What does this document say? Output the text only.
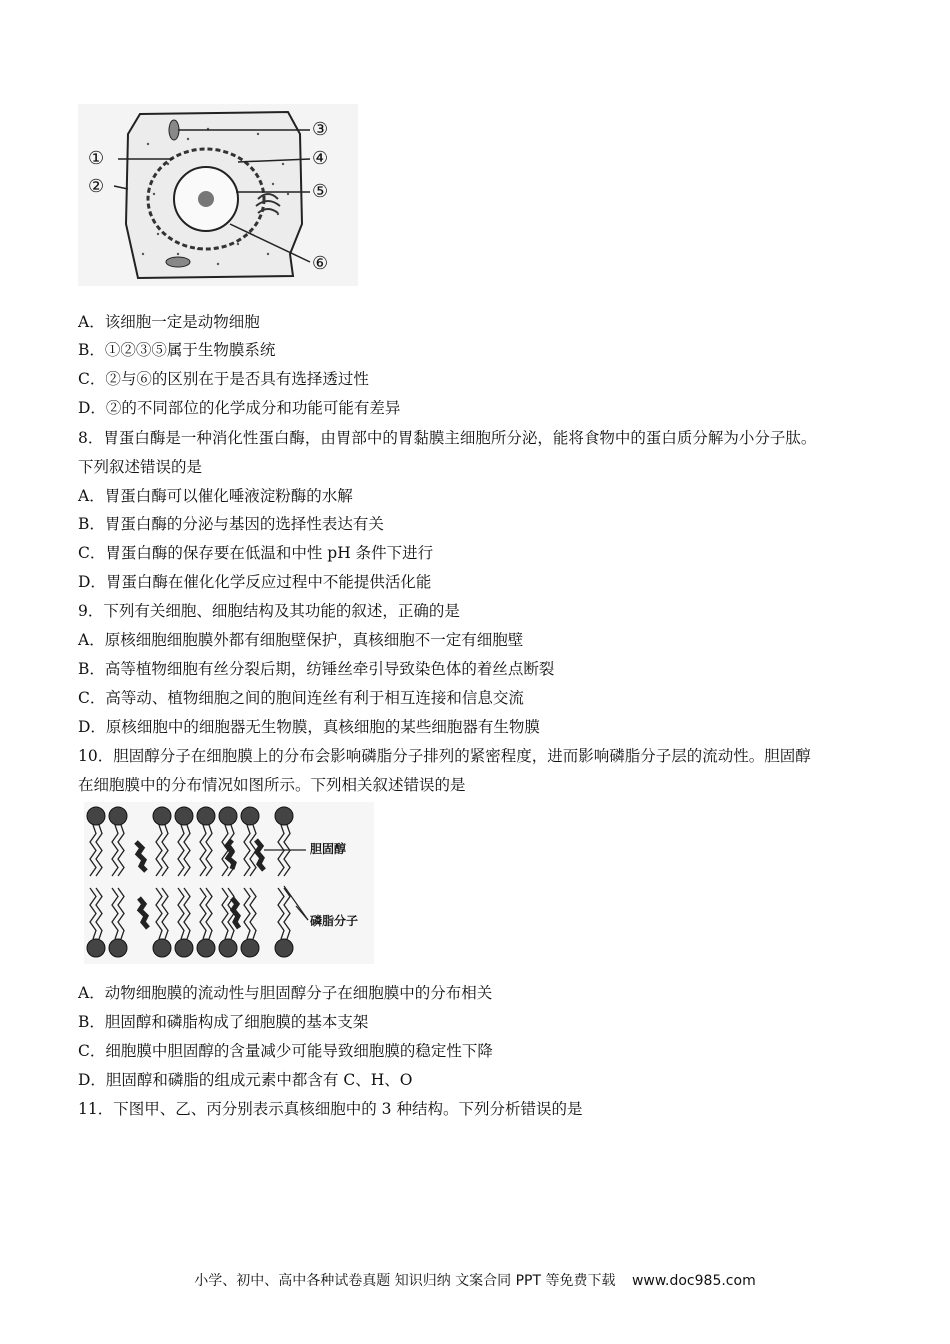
①
②
③
④
⑤
⑥
A．该细胞一定是动物细胞
B．①②③⑤属于生物膜系统
C．②与⑥的区别在于是否具有选择透过性
D．②的不同部位的化学成分和功能可能有差异
8．胃蛋白酶是一种消化性蛋白酶，由胃部中的胃黏膜主细胞所分泌，能将食物中的蛋白质分解为小分子肽。
下列叙述错误的是
A．胃蛋白酶可以催化唾液淀粉酶的水解
B．胃蛋白酶的分泌与基因的选择性表达有关
C．胃蛋白酶的保存要在低温和中性 pH 条件下进行
D．胃蛋白酶在催化化学反应过程中不能提供活化能
9．下列有关细胞、细胞结构及其功能的叙述，正确的是
A．原核细胞细胞膜外都有细胞壁保护，真核细胞不一定有细胞壁
B．高等植物细胞有丝分裂后期，纺锤丝牵引导致染色体的着丝点断裂
C．高等动、植物细胞之间的胞间连丝有利于相互连接和信息交流
D．原核细胞中的细胞器无生物膜，真核细胞的某些细胞器有生物膜
10．胆固醇分子在细胞膜上的分布会影响磷脂分子排列的紧密程度，进而影响磷脂分子层的流动性。胆固醇
在细胞膜中的分布情况如图所示。下列相关叙述错误的是
胆固醇
磷脂分子
A．动物细胞膜的流动性与胆固醇分子在细胞膜中的分布相关
B．胆固醇和磷脂构成了细胞膜的基本支架
C．细胞膜中胆固醇的含量减少可能导致细胞膜的稳定性下降
D．胆固醇和磷脂的组成元素中都含有 C、H、O
11．下图甲、乙、丙分别表示真核细胞中的 3 种结构。下列分析错误的是
小学、初中、高中各种试卷真题 知识归纳 文案合同 PPT 等免费下载 www.doc985.com
